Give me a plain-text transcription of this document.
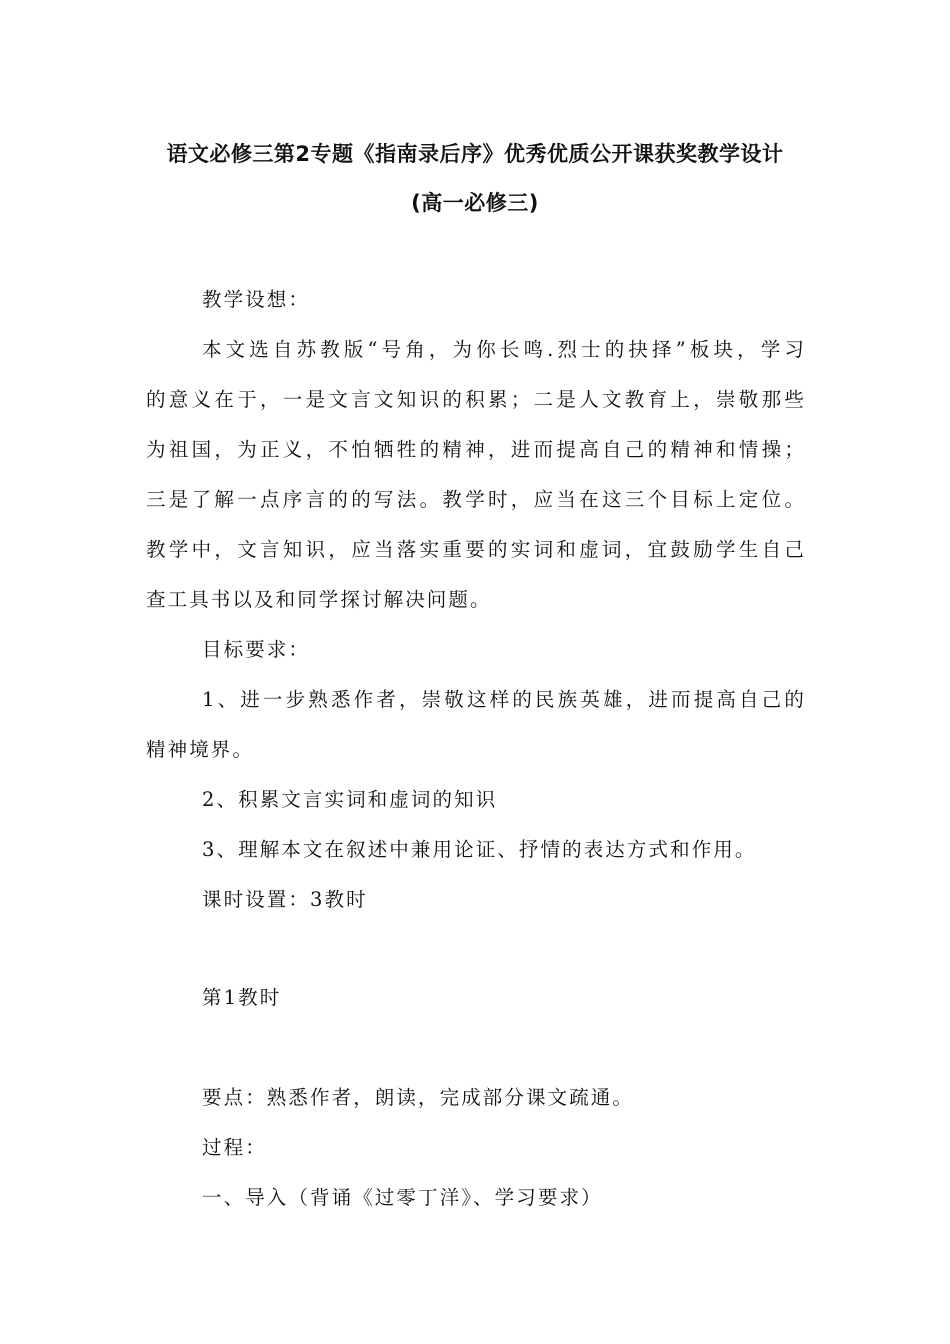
语文必修三第2专题《指南录后序》优秀优质公开课获奖教学设计
(高一必修三)
教学设想：
本文选自苏教版“号角，为你长鸣.烈士的抉择”板块，学习
的意义在于，一是文言文知识的积累；二是人文教育上，崇敬那些
为祖国，为正义，不怕牺牲的精神，进而提高自己的精神和情操；
三是了解一点序言的的写法。教学时，应当在这三个目标上定位。
教学中，文言知识，应当落实重要的实词和虚词，宜鼓励学生自己
查工具书以及和同学探讨解决问题。
目标要求：
1、进一步熟悉作者，崇敬这样的民族英雄，进而提高自己的
精神境界。
2、积累文言实词和虚词的知识
3、理解本文在叙述中兼用论证、抒情的表达方式和作用。
课时设置：3教时
第1教时
要点：熟悉作者，朗读，完成部分课文疏通。
过程：
一、导入（背诵《过零丁洋》、学习要求）
